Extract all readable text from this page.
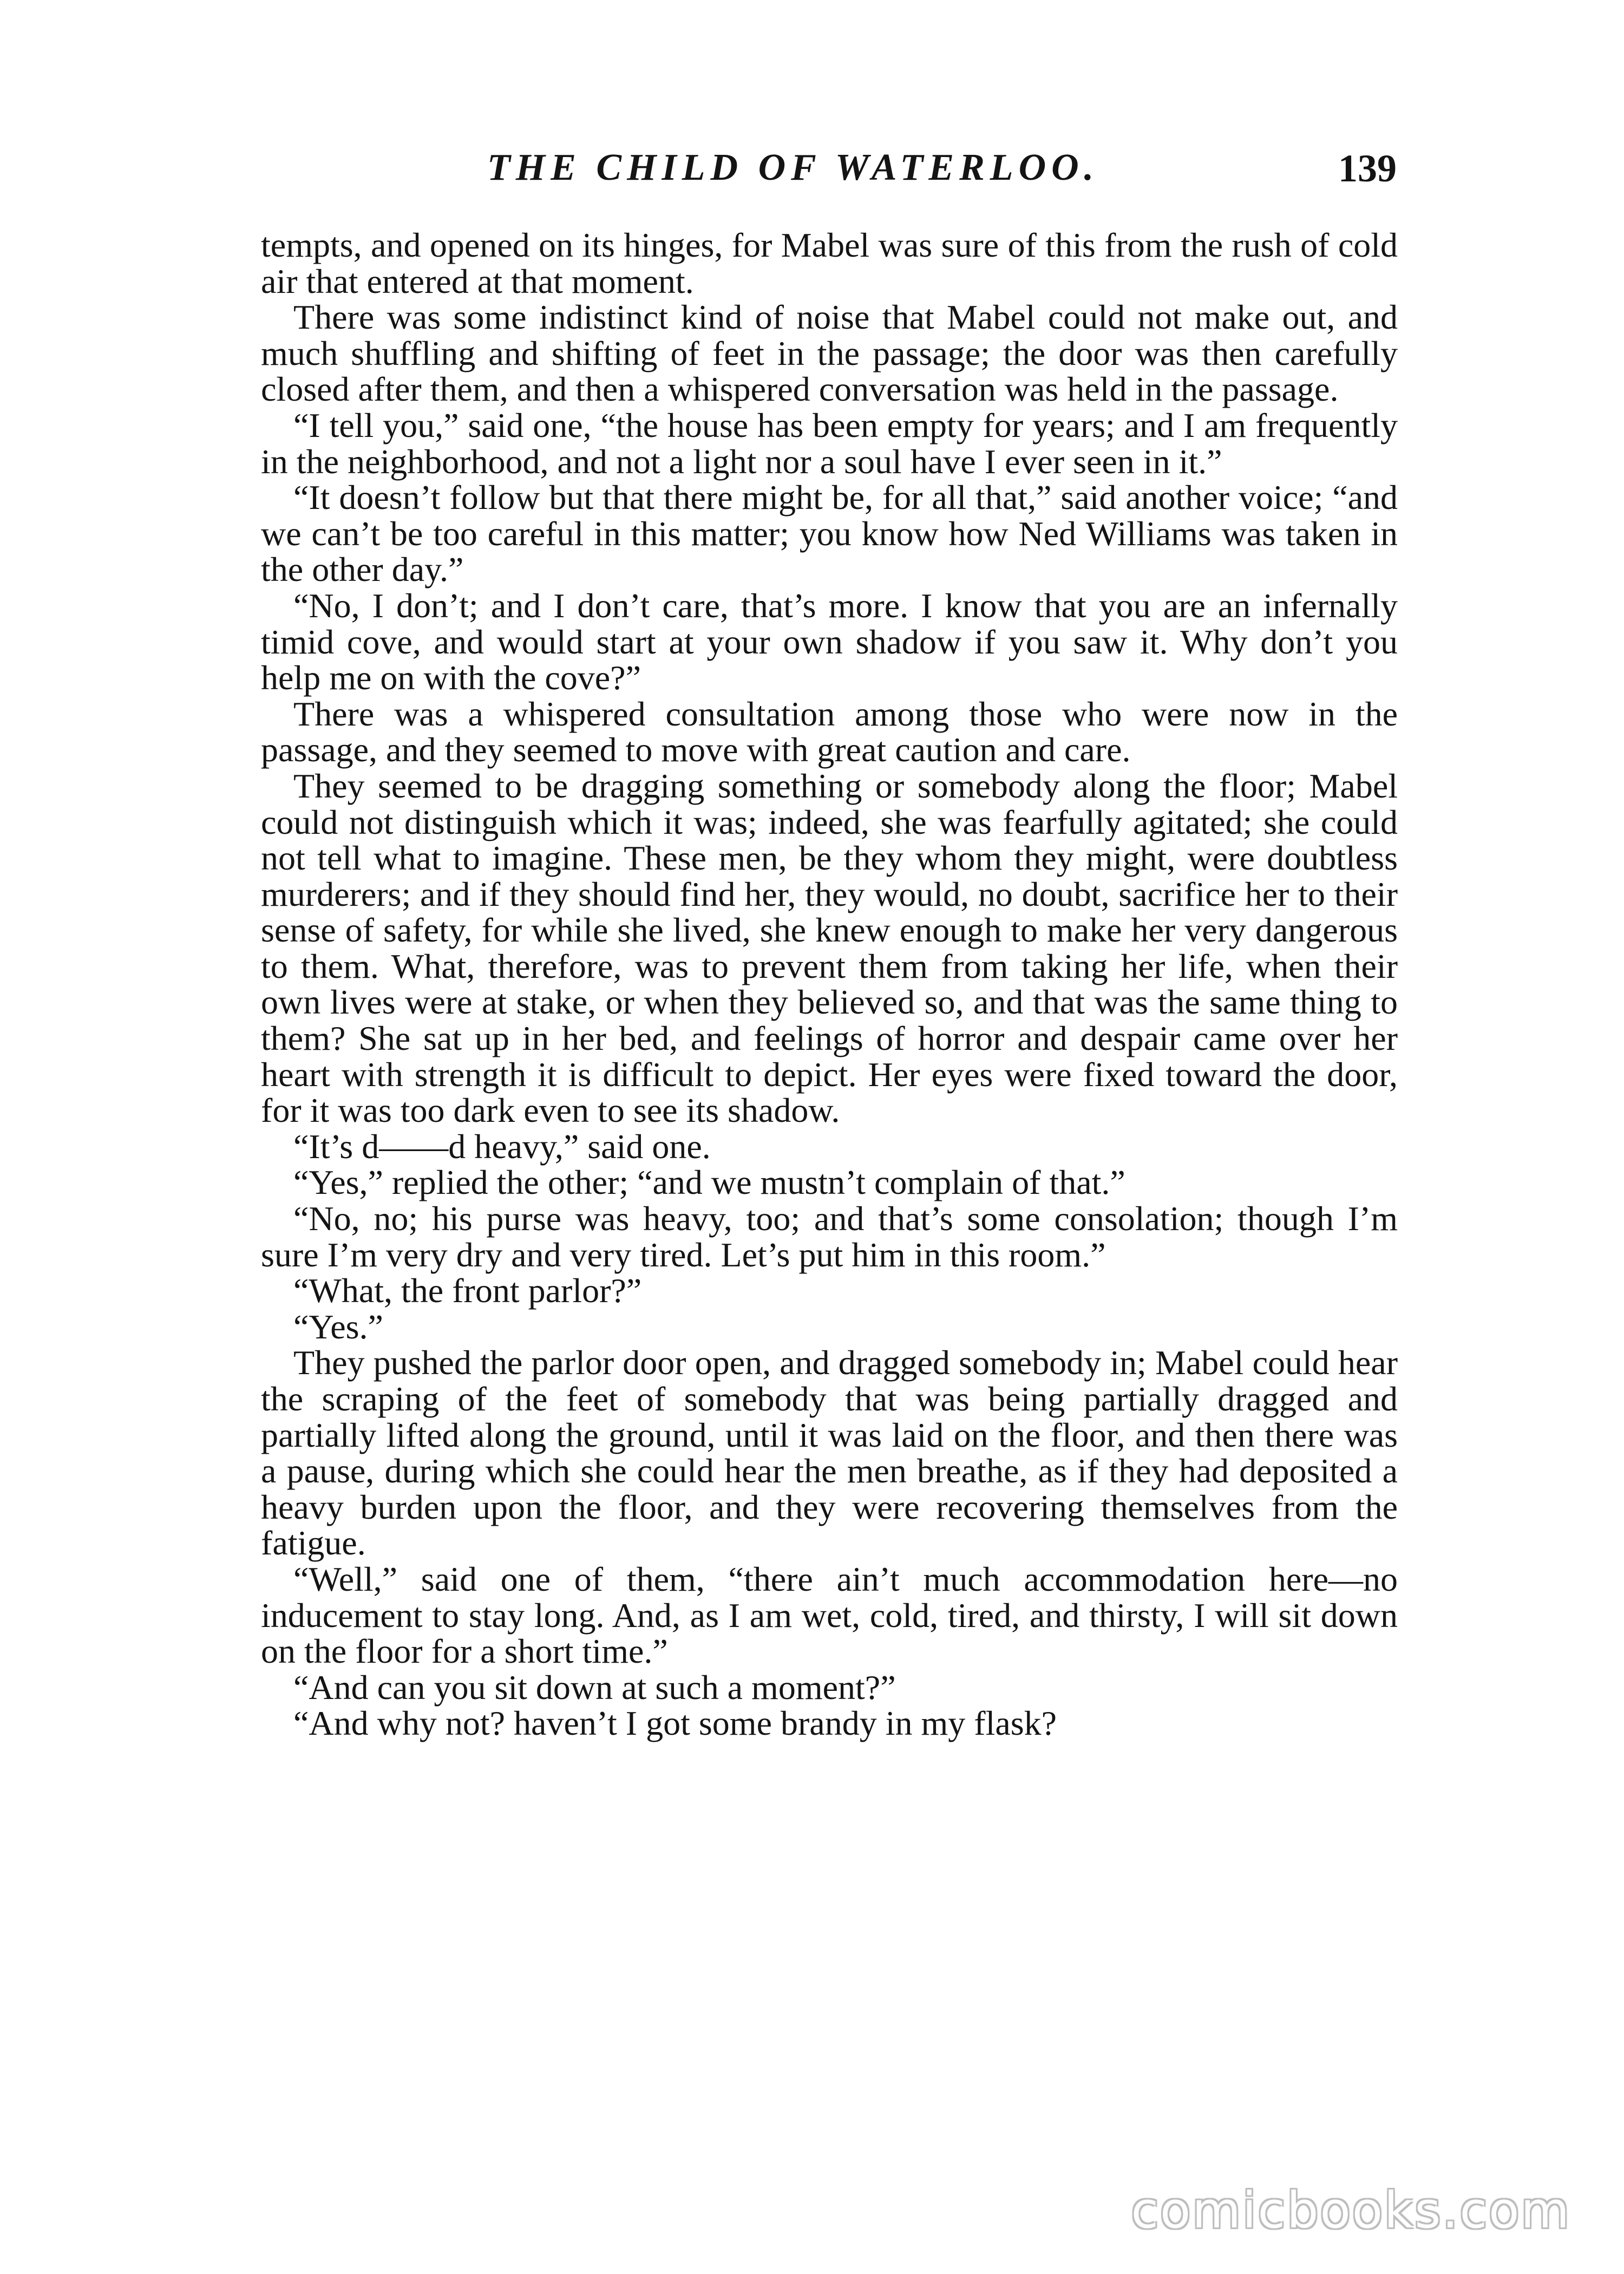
THE CHILD OF WATERLOO.	139

tempts, and opened on its hinges, for Mabel was sure of this from the rush of cold air that entered at that moment.

There was some indistinct kind of noise that Mabel could not make out, and much shuffling and shifting of feet in the passage; the door was then carefully closed after them, and then a whispered conversation was held in the passage.

“I tell you,” said one, “the house has been empty for years; and I am frequently in the neighborhood, and not a light nor a soul have I ever seen in it.”

“It doesn’t follow but that there might be, for all that,” said another voice; “and we can’t be too careful in this matter; you know how Ned Williams was taken in the other day.”

“No, I don’t; and I don’t care, that’s more. I know that you are an infernally timid cove, and would start at your own shadow if you saw it. Why don’t you help me on with the cove?”

There was a whispered consultation among those who were now in the passage, and they seemed to move with great caution and care.

They seemed to be dragging something or somebody along the floor; Mabel could not distinguish which it was; indeed, she was fearfully agitated; she could not tell what to imagine. These men, be they whom they might, were doubtless murderers; and if they should find her, they would, no doubt, sacrifice her to their sense of safety, for while she lived, she knew enough to make her very dangerous to them. What, therefore, was to prevent them from taking her life, when their own lives were at stake, or when they believed so, and that was the same thing to them? She sat up in her bed, and feelings of horror and despair came over her heart with strength it is difficult to depict. Her eyes were fixed toward the door, for it was too dark even to see its shadow.

“It’s d——d heavy,” said one.

“Yes,” replied the other; “and we mustn’t complain of that.”

“No, no; his purse was heavy, too; and that’s some consolation; though I’m sure I’m very dry and very tired. Let’s put him in this room.”

“What, the front parlor?”

“Yes.”

They pushed the parlor door open, and dragged somebody in; Mabel could hear the scraping of the feet of somebody that was being partially dragged and partially lifted along the ground, until it was laid on the floor, and then there was a pause, during which she could hear the men breathe, as if they had deposited a heavy burden upon the floor, and they were recovering themselves from the fatigue.

“Well,” said one of them, “there ain’t much accommodation here—no inducement to stay long. And, as I am wet, cold, tired, and thirsty, I will sit down on the floor for a short time.”

“And can you sit down at such a moment?”

“And why not? haven’t I got some brandy in my flask?

comicbooks.com
